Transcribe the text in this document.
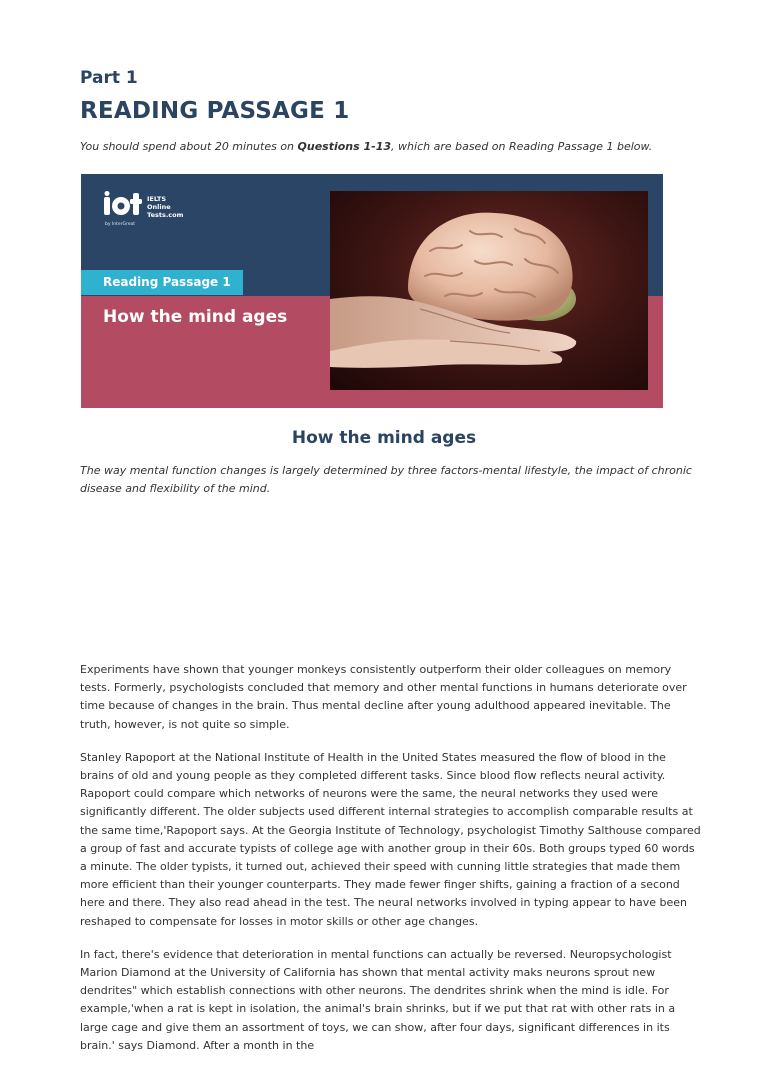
Part 1
READING PASSAGE 1

You should spend about 20 minutes on Questions 1-13, which are based on Reading Passage 1 below.

IELTS
Online
Tests.com
by InterGreat
Reading Passage 1
How the mind ages
How the mind ages

The way mental function changes is largely determined by three factors-mental lifestyle, the impact of chronic disease and flexibility of the mind.

Experiments have shown that younger monkeys consistently outperform their older colleagues on memory tests. Formerly, psychologists concluded that memory and other mental functions in humans deteriorate over time because of changes in the brain. Thus mental decline after young adulthood appeared inevitable. The truth, however, is not quite so simple.

Stanley Rapoport at the National Institute of Health in the United States measured the flow of blood in the brains of old and young people as they completed different tasks. Since blood flow reflects neural activity. Rapoport could compare which networks of neurons were the same, the neural networks they used were significantly different. The older subjects used different internal strategies to accomplish comparable results at the same time,'Rapoport says. At the Georgia Institute of Technology, psychologist Timothy Salthouse compared a group of fast and accurate typists of college age with another group in their 60s. Both groups typed 60 words a minute. The older typists, it turned out, achieved their speed with cunning little strategies that made them more efficient than their younger counterparts. They made fewer finger shifts, gaining a fraction of a second here and there. They also read ahead in the test. The neural networks involved in typing appear to have been reshaped to compensate for losses in motor skills or other age changes.

In fact, there's evidence that deterioration in mental functions can actually be reversed. Neuropsychologist Marion Diamond at the University of California has shown that mental activity maks neurons sprout new dendrites" which establish connections with other neurons. The dendrites shrink when the mind is idle. For example,'when a rat is kept in isolation, the animal's brain shrinks, but if we put that rat with other rats in a large cage and give them an assortment of toys, we can show, after four days, significant differences in its brain.' says Diamond. After a month in the
